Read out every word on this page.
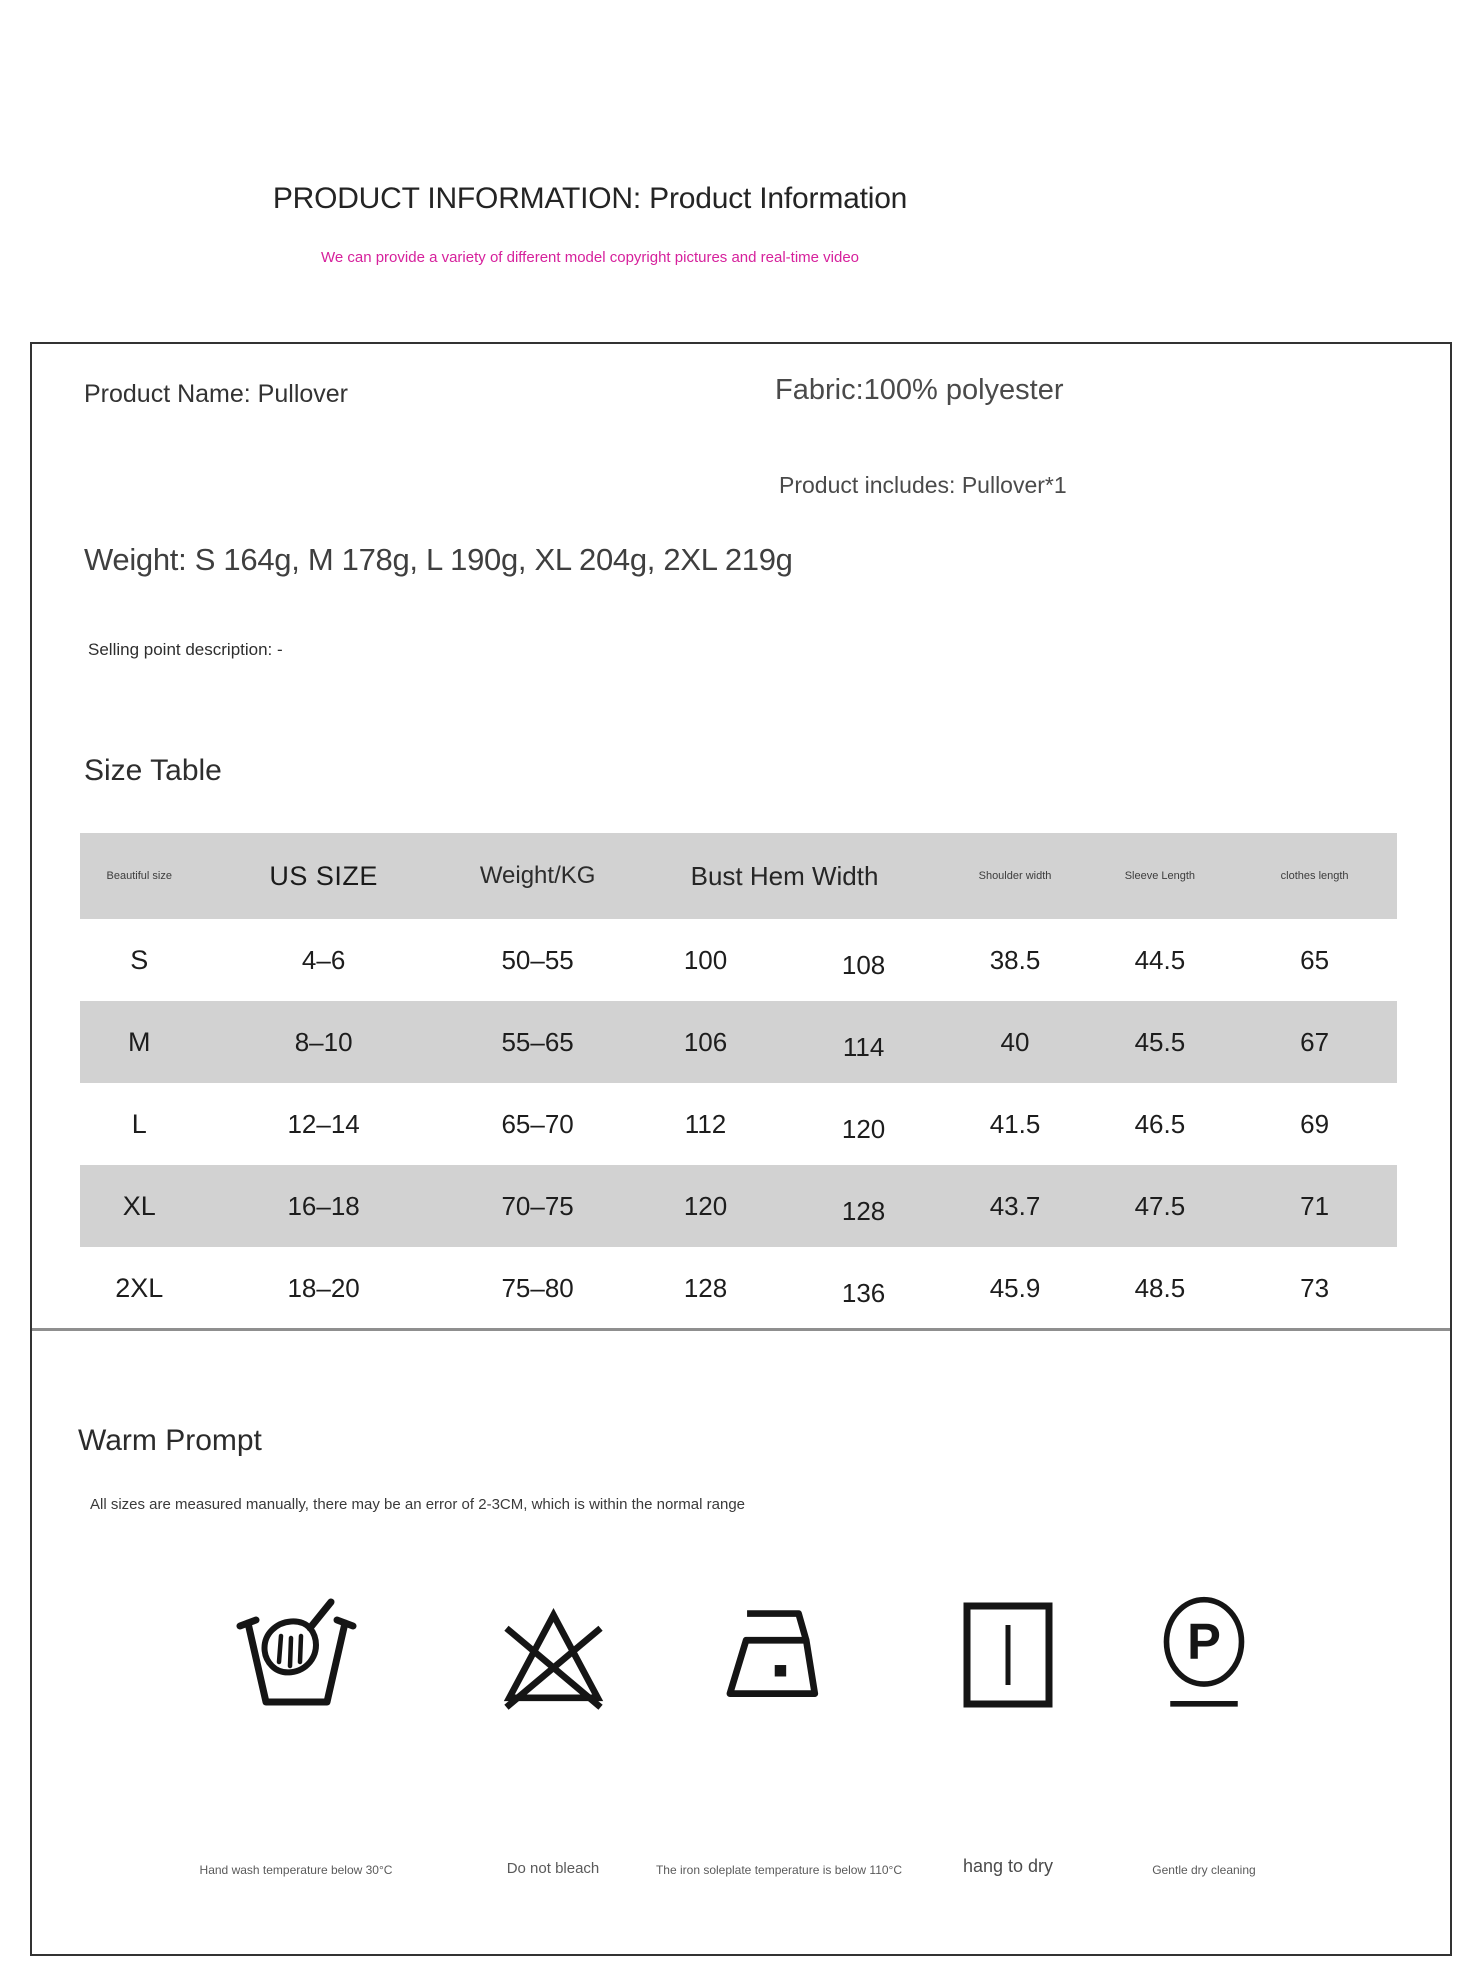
PRODUCT INFORMATION: Product Information
We can provide a variety of different model copyright pictures and real-time video
Product Name: Pullover	Fabric:100% polyester
Product includes: Pullover*1
Weight: S 164g, M 178g, L 190g, XL 204g, 2XL 219g
Selling point description: -
Size Table
Beautiful size	US SIZE	Weight/KG	Bust Hem Width	Shoulder width	Sleeve Length	clothes length
S	4–6	50–55	100	108	38.5	44.5	65
M	8–10	55–65	106	114	40	45.5	67
L	12–14	65–70	112	120	41.5	46.5	69
XL	16–18	70–75	120	128	43.7	47.5	71
2XL	18–20	75–80	128	136	45.9	48.5	73
Warm Prompt
All sizes are measured manually, there may be an error of 2-3CM, which is within the normal range
Hand wash temperature below 30°C	Do not bleach	The iron soleplate temperature is below 110°C	hang to dry
P
Gentle dry cleaning
